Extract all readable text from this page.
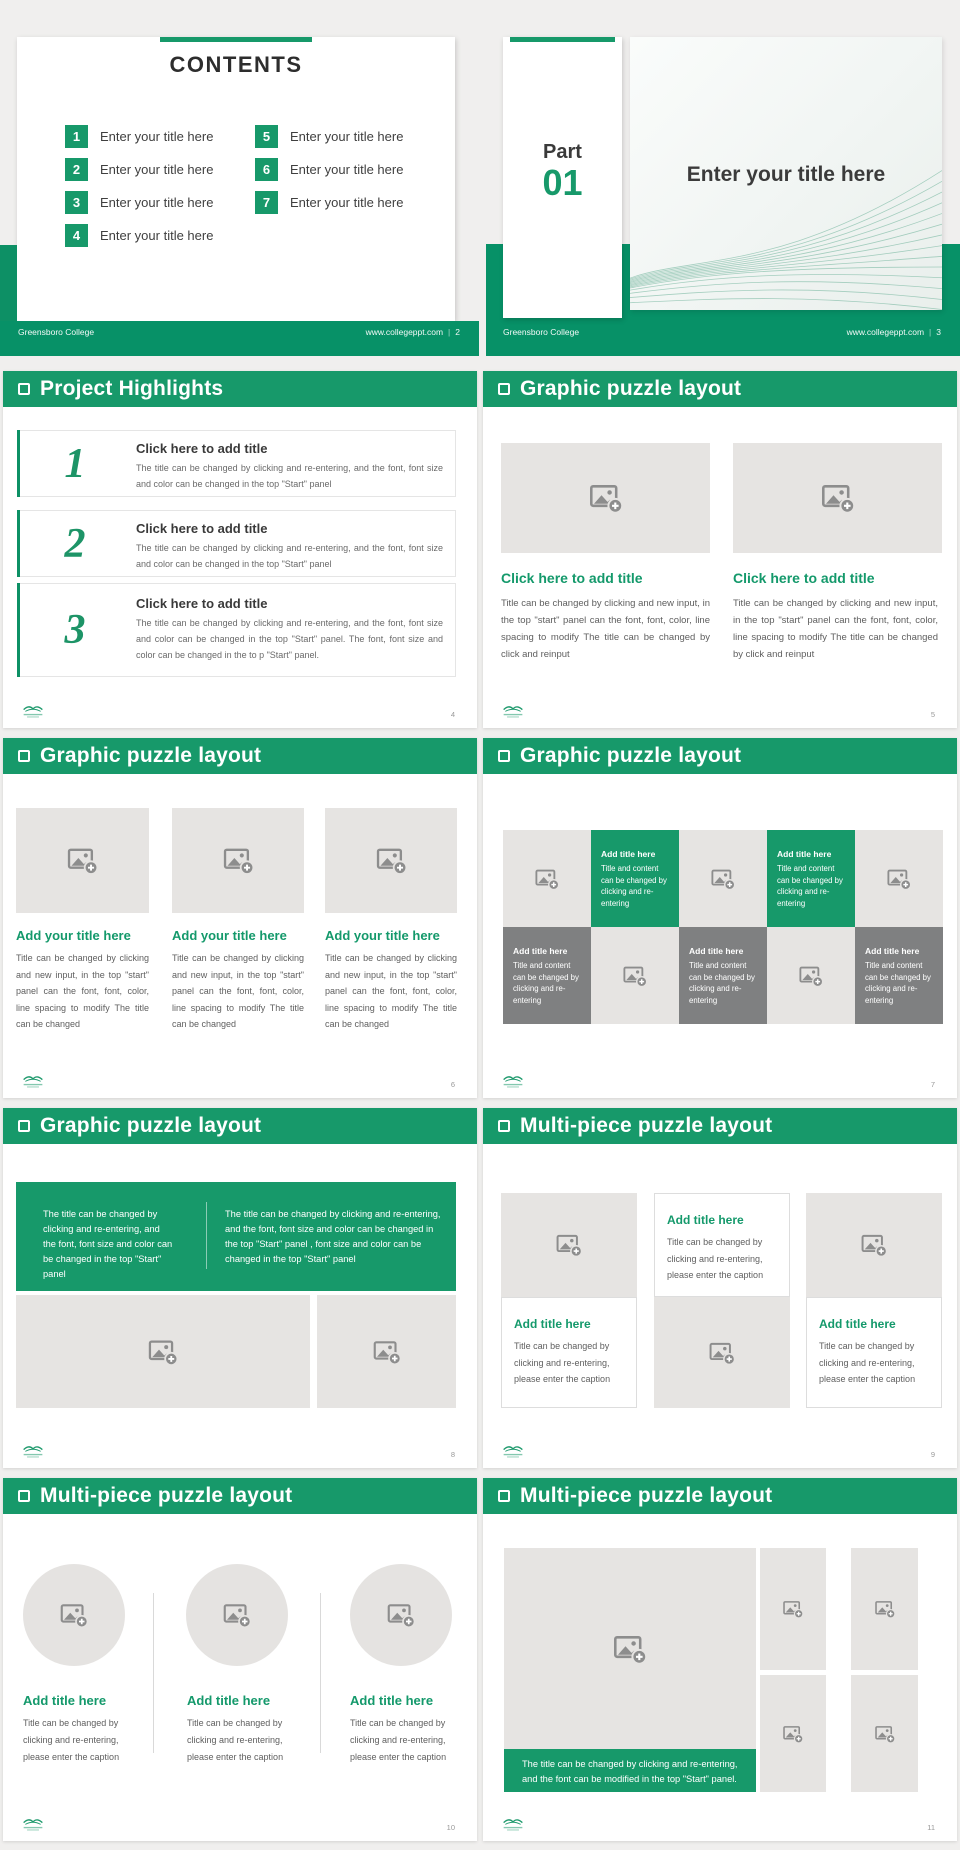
CONTENTS
1	Enter your title here
2	Enter your title here
3	Enter your title here
4	Enter your title here
5	Enter your title here
6	Enter your title here
7	Enter your title here
Greensboro College	www.collegeppt.com | 2
Part
01	Enter your title here
Greensboro College	www.collegeppt.com | 3
Project Highlights
1	Click here to add title
The title can be changed by clicking and re-entering, and the font, font size and color can be changed in the top "Start" panel
2	Click here to add title
The title can be changed by clicking and re-entering, and the font, font size and color can be changed in the top "Start" panel
3
Click here to add title
The title can be changed by clicking and re-entering, and the font, font size and color can be changed in the top "Start" panel. The font, font size and color can be changed in the to p "Start" panel.
4
Graphic puzzle layout
Click here to add title	Click here to add title
Title can be changed by clicking and new input, in the top "start" panel can the font, font, color, line spacing to modify The title can be changed by click and reinput
Title can be changed by clicking and new input, in the top "start" panel can the font, font, color, line spacing to modify The title can be changed by click and reinput
5
Graphic puzzle layout
Add your title here	Add your title here	Add your title here
Title can be changed by clicking and new input, in the top "start" panel can the font, font, color, line spacing to modify The title can be changed
Title can be changed by clicking and new input, in the top "start" panel can the font, font, color, line spacing to modify The title can be changed
Title can be changed by clicking and new input, in the top "start" panel can the font, font, color, line spacing to modify The title can be changed
6
Graphic puzzle layout
Add title here
Title and content can be changed by clicking and re-entering
Add title here
Title and content can be changed by clicking and re-entering
Add title here
Title and content can be changed by clicking and re-entering
Add title here
Title and content can be changed by clicking and re-entering
Add title here
Title and content can be changed by clicking and re-entering
7
Graphic puzzle layout
The title can be changed by clicking and re-entering, and the font, font size and color can be changed in the top "Start" panel
The title can be changed by clicking and re-entering, and the font, font size and color can be changed in the top "Start" panel , font size and color can be changed in the top "Start" panel
8
Multi-piece puzzle layout
Add title here
Title can be changed by clicking and re-entering, please enter the caption
Add title here
Title can be changed by clicking and re-entering, please enter the caption
Add title here
Title can be changed by clicking and re-entering, please enter the caption
9
Multi-piece puzzle layout
Add title here	Add title here	Add title here
Title can be changed by clicking and re-entering, please enter the caption
Title can be changed by clicking and re-entering, please enter the caption
Title can be changed by clicking and re-entering, please enter the caption
10
Multi-piece puzzle layout
The title can be changed by clicking and re-entering, and the font can be modified in the top "Start" panel.
11
